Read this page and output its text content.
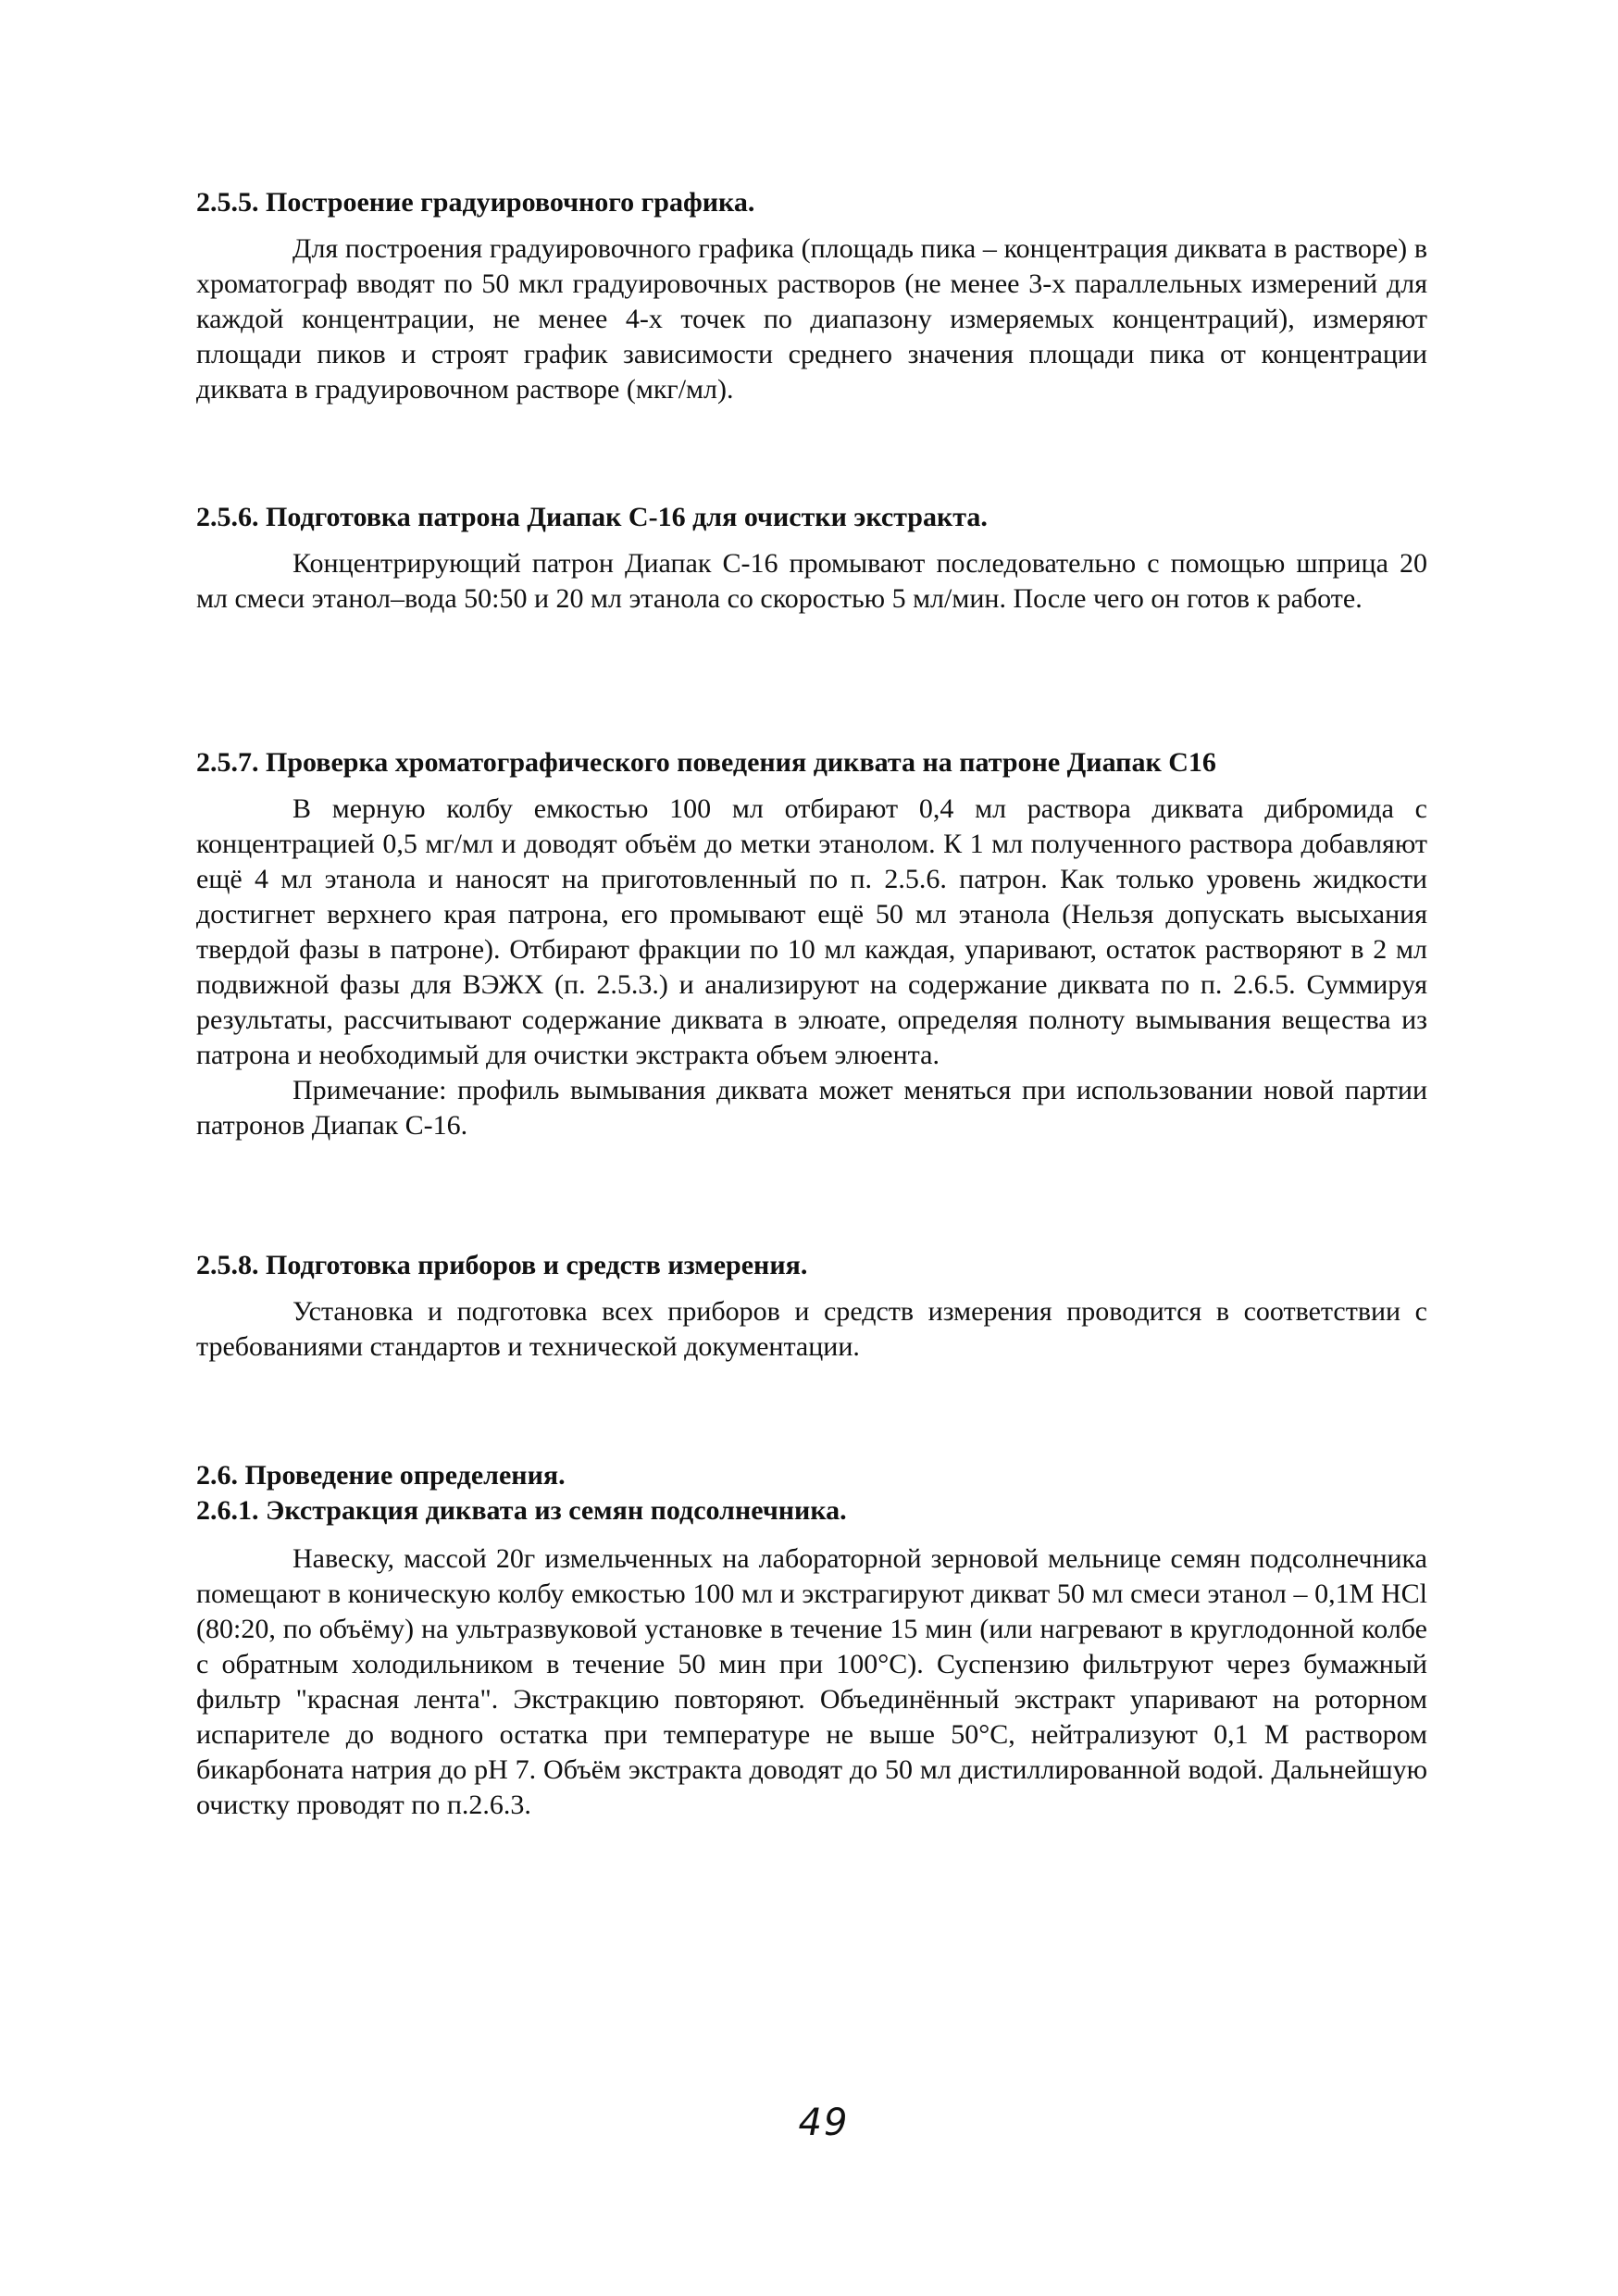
2.5.5. Построение градуировочного графика.

Для построения градуировочного графика (площадь пика – концентрация диквата в растворе) в хроматограф вводят по 50 мкл градуировочных растворов (не менее 3-х параллельных измерений для каждой концентрации, не менее 4-х точек по диапазону измеряемых концентраций), измеряют площади пиков и строят график зависимости среднего значения площади пика от концентрации диквата в градуировочном растворе (мкг/мл).

2.5.6. Подготовка патрона Диапак С-16 для очистки экстракта.

Концентрирующий патрон Диапак С-16 промывают последовательно с помощью шприца 20 мл смеси этанол–вода 50:50 и 20 мл этанола со скоростью 5 мл/мин. После чего он готов к работе.

2.5.7. Проверка хроматографического поведения диквата на патроне Диапак С16

В мерную колбу емкостью 100 мл отбирают 0,4 мл раствора диквата дибромида с концентрацией 0,5 мг/мл и доводят объём до метки этанолом. К 1 мл полученного раствора добавляют ещё 4 мл этанола и наносят на приготовленный по п. 2.5.6. патрон. Как только уровень жидкости достигнет верхнего края патрона, его промывают ещё 50 мл этанола (Нельзя допускать высыхания твердой фазы в патроне). Отбирают фракции по 10 мл каждая, упаривают, остаток растворяют в 2 мл подвижной фазы для ВЭЖХ (п. 2.5.3.) и анализируют на содержание диквата по п. 2.6.5. Суммируя результаты, рассчитывают содержание диквата в элюате, определяя полноту вымывания вещества из патрона и необходимый для очистки экстракта объем элюента.

Примечание: профиль вымывания диквата может меняться при использовании новой партии патронов Диапак С-16.

2.5.8. Подготовка приборов и средств измерения.

Установка и подготовка всех приборов и средств измерения проводится в соответствии с требованиями стандартов и технической документации.

2.6. Проведение определения.

2.6.1. Экстракция диквата из семян подсолнечника.

Навеску, массой 20г измельченных на лабораторной зерновой мельнице семян подсолнечника помещают в коническую колбу емкостью 100 мл и экстрагируют дикват 50 мл смеси этанол – 0,1М HCl (80:20, по объёму) на ультразвуковой установке в течение 15 мин (или нагревают в круглодонной колбе с обратным холодильником в течение 50 мин при 100°С). Суспензию фильтруют через бумажный фильтр "красная лента". Экстракцию повторяют. Объединённый экстракт упаривают на роторном испарителе до водного остатка при температуре не выше 50°С, нейтрализуют 0,1 М раствором бикарбоната натрия до pH 7. Объём экстракта доводят до 50 мл дистиллированной водой. Дальнейшую очистку проводят по п.2.6.3.

49
